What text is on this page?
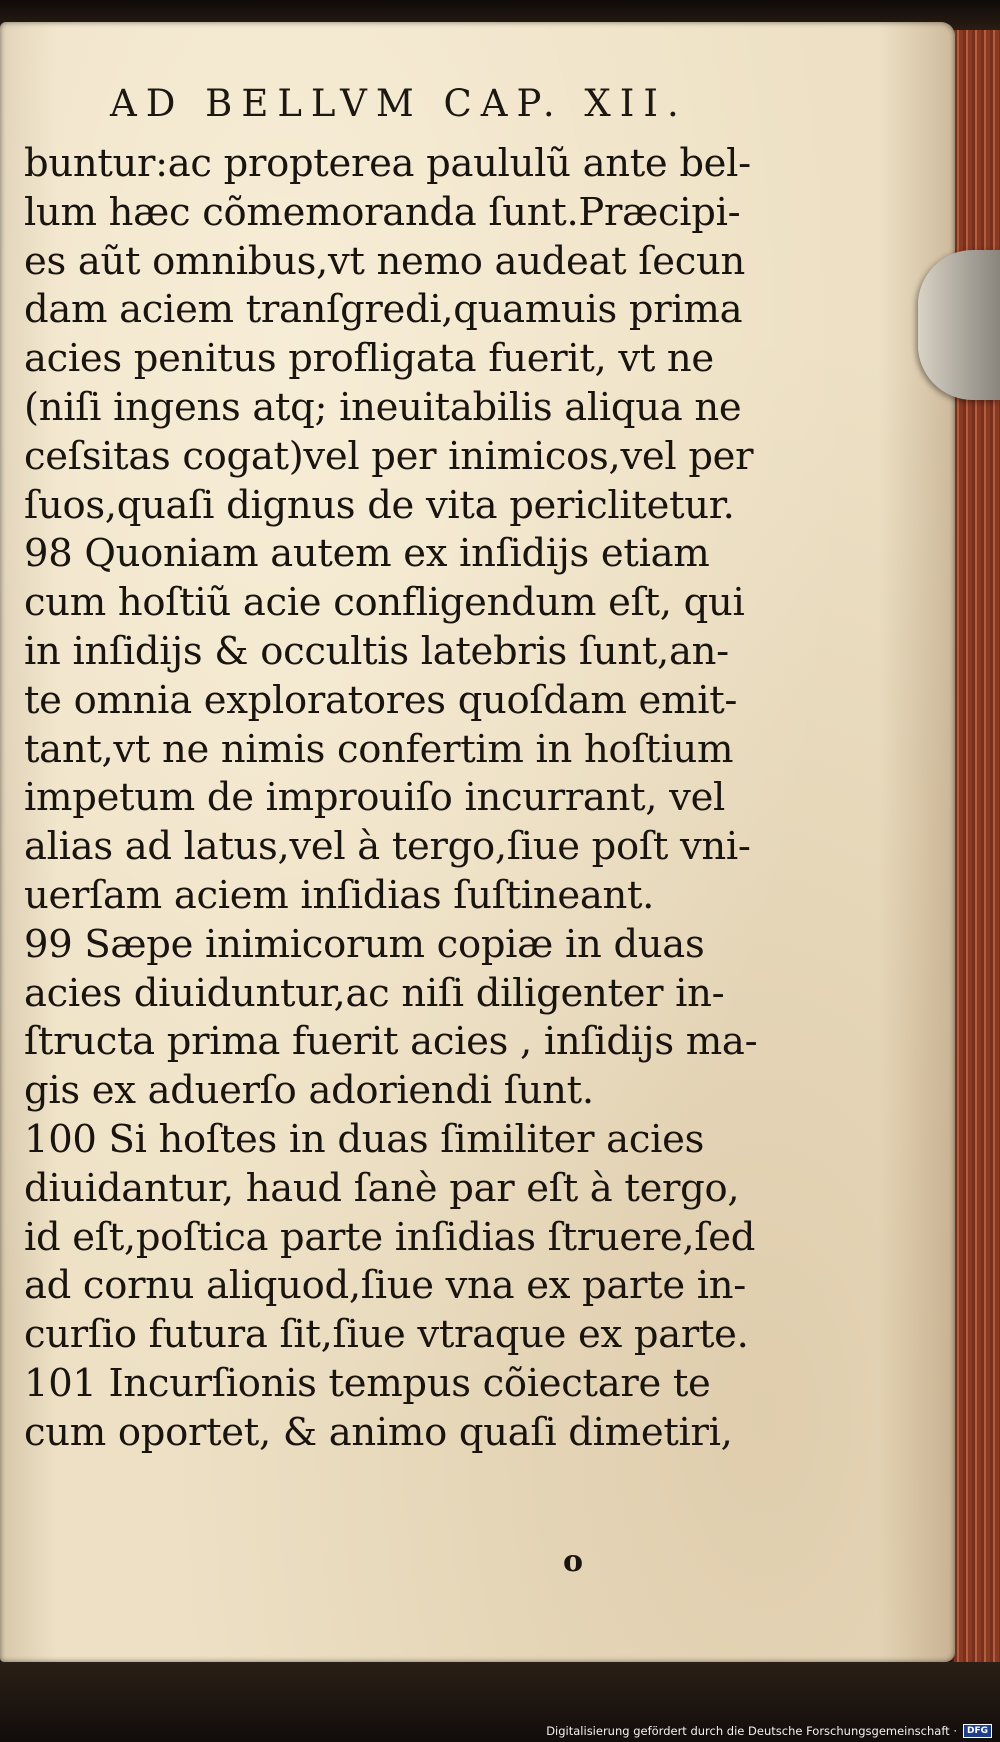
AD BELLVM CAP. XII.
buntur:ac propterea paululũ ante bel-
lum hæc cõmemoranda ſunt.Præcipi-
es aũt omnibus,vt nemo audeat ſecun
dam aciem tranſgredi,quamuis prima
acies penitus profligata fuerit, vt ne
(niſi ingens atq; ineuitabilis aliqua ne
ceſsitas cogat)vel per inimicos,vel per
ſuos,quaſi dignus de vita periclitetur.
98 Quoniam autem ex inſidijs etiam
cum hoſtiũ acie confligendum eſt, qui
in inſidijs & occultis latebris ſunt,an-
te omnia exploratores quoſdam emit-
tant,vt ne nimis confertim in hoſtium
impetum de improuiſo incurrant, vel
alias ad latus,vel à tergo,ſiue poſt vni-
uerſam aciem inſidias ſuſtineant.
99 Sæpe inimicorum copiæ in duas
acies diuiduntur,ac niſi diligenter in-
ſtructa prima fuerit acies , inſidijs ma-
gis ex aduerſo adoriendi ſunt.
100 Si hoſtes in duas ſimiliter acies
diuidantur, haud ſanè par eſt à tergo,
id eſt,poſtica parte inſidias ſtruere,ſed
ad cornu aliquod,ſiue vna ex parte in-
curſio futura ſit,ſiue vtraque ex parte.
101 Incurſionis tempus cõiectare te
cum oportet, & animo quaſi dimetiri,
o
Digitalisierung gefördert durch die Deutsche Forschungsgemeinschaft ·	DFG
